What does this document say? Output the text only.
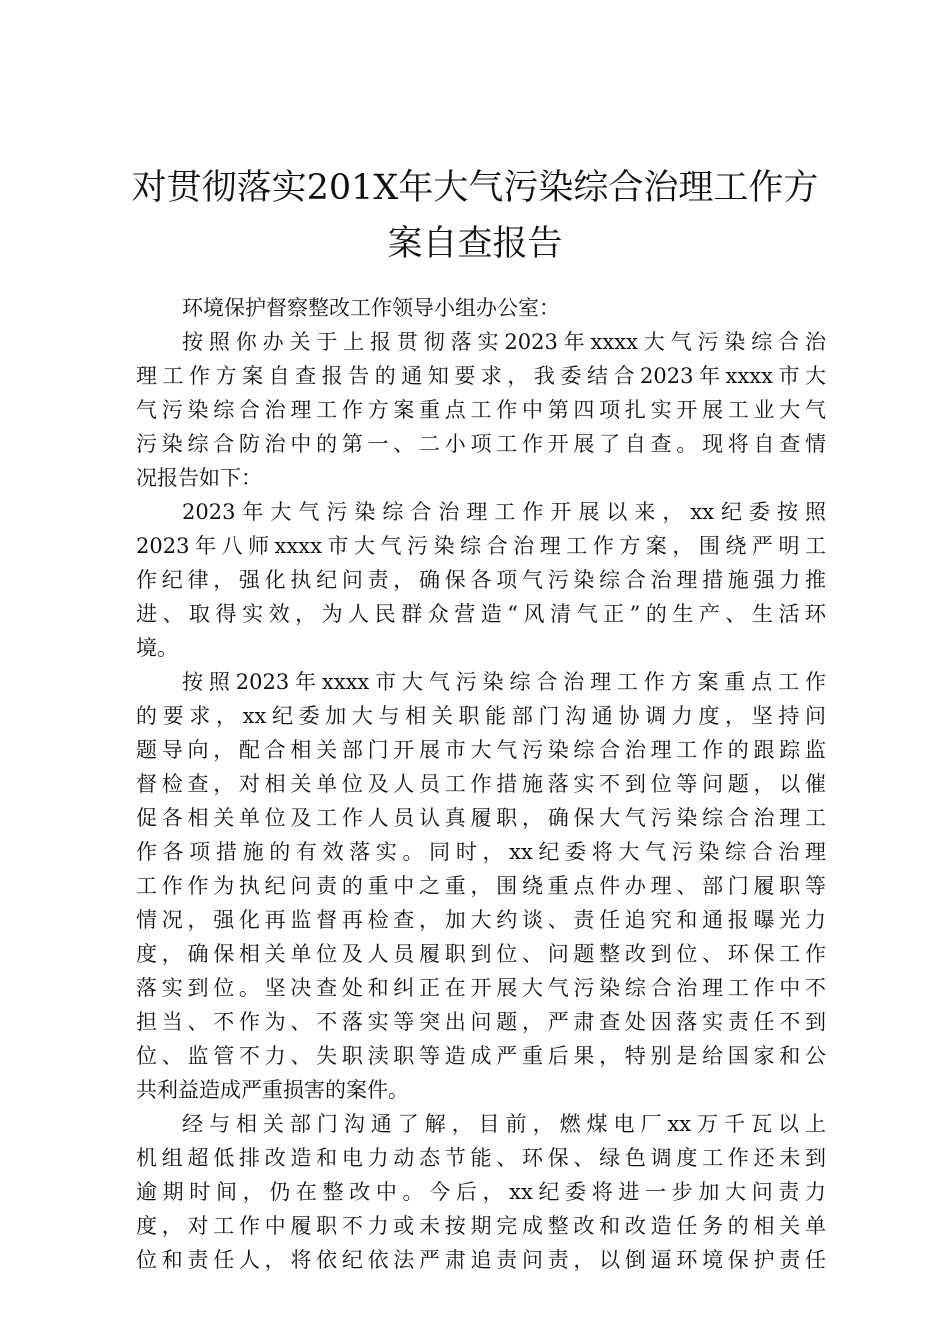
对贯彻落实201X年大气污染综合治理工作方
案自查报告
环境保护督察整改工作领导小组办公室：
按照你办关于上报贯彻落实2023年xxxx大气污染综合治
理工作方案自查报告的通知要求，我委结合2023年xxxx市大
气污染综合治理工作方案重点工作中第四项扎实开展工业大气
污染综合防治中的第一、二小项工作开展了自查。现将自查情
况报告如下：
2023年大气污染综合治理工作开展以来，xx纪委按照
2023年八师xxxx市大气污染综合治理工作方案，围绕严明工
作纪律，强化执纪问责，确保各项气污染综合治理措施强力推
进、取得实效，为人民群众营造“风清气正”的生产、生活环
境。
按照2023年xxxx市大气污染综合治理工作方案重点工作
的要求，xx纪委加大与相关职能部门沟通协调力度，坚持问
题导向，配合相关部门开展市大气污染综合治理工作的跟踪监
督检查，对相关单位及人员工作措施落实不到位等问题，以催
促各相关单位及工作人员认真履职，确保大气污染综合治理工
作各项措施的有效落实。同时，xx纪委将大气污染综合治理
工作作为执纪问责的重中之重，围绕重点件办理、部门履职等
情况，强化再监督再检查，加大约谈、责任追究和通报曝光力
度，确保相关单位及人员履职到位、问题整改到位、环保工作
落实到位。坚决查处和纠正在开展大气污染综合治理工作中不
担当、不作为、不落实等突出问题，严肃查处因落实责任不到
位、监管不力、失职渎职等造成严重后果，特别是给国家和公
共利益造成严重损害的案件。
经与相关部门沟通了解，目前，燃煤电厂xx万千瓦以上
机组超低排改造和电力动态节能、环保、绿色调度工作还未到
逾期时间，仍在整改中。今后，xx纪委将进一步加大问责力
度，对工作中履职不力或未按期完成整改和改造任务的相关单
位和责任人，将依纪依法严肃追责问责，以倒逼环境保护责任
